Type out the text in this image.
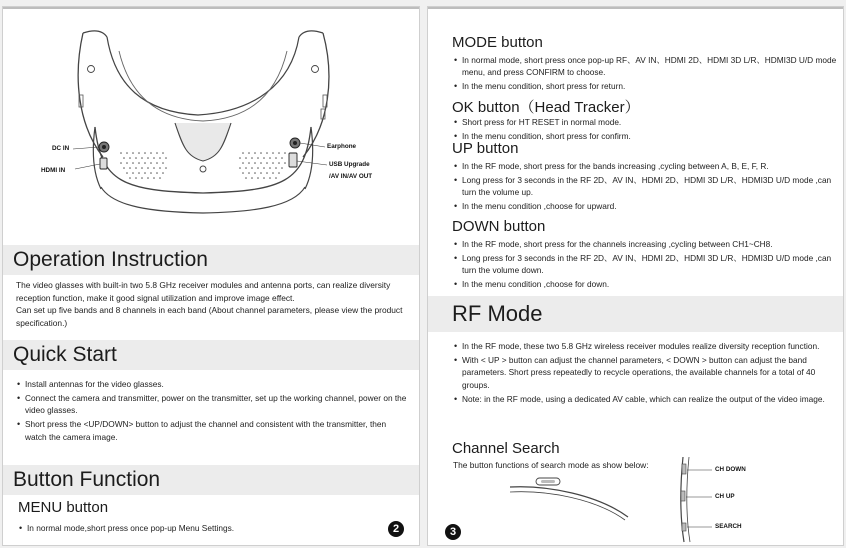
DC IN
HDMI IN
Earphone
USB Upgrade
/AV IN/AV OUT
Operation Instruction
The video glasses with built-in two 5.8 GHz receiver modules and antenna ports, can realize diversity reception function, make it good signal utilization and improve image effect.
Can set up five bands and 8 channels in each band (About channel parameters, please view the product specification.)
Quick Start
• Install antennas for the video glasses.
• Connect the camera and transmitter, power on the transmitter, set up the working channel, power on the video glasses.
• Short press the <UP/DOWN> button to adjust the channel and consistent with the transmitter, then watch the camera image.
Button Function
MENU button
• In normal mode,short press once pop-up Menu Settings.	2
MODE button
• In normal mode, short press once pop-up RF、AV IN、HDMI 2D、HDMI 3D L/R、HDMI3D U/D mode menu, and press CONFIRM to choose.
• In the menu condition, short press for return.
OK button（Head Tracker）
• Short press for HT RESET in normal mode.
• In the menu condition, short press for confirm.
UP button
• In the RF mode, short press for the bands increasing ,cycling between A, B, E, F, R.
• Long press for 3 seconds in the RF 2D、AV IN、HDMI 2D、HDMI 3D L/R、HDMI3D U/D mode ,can turn the volume up.
• In the menu condition ,choose for upward.
DOWN button
• In the RF mode, short press for the channels increasing ,cycling between CH1~CH8.
• Long press for 3 seconds in the RF 2D、AV IN、HDMI 2D、HDMI 3D L/R、HDMI3D U/D mode ,can turn the volume down.
• In the menu condition ,choose for down.
RF Mode
• In the RF mode, these two 5.8 GHz wireless receiver modules realize diversity reception function.
• With < UP > button can adjust the channel parameters, < DOWN > button can adjust the band parameters. Short press repeatedly to recycle operations, the available channels for a total of 40 groups.
• Note: in the RF mode, using a dedicated AV cable, which can realize the output of the video image.
Channel Search
The button functions of search mode as show below:	CH DOWN
CH UP
SEARCH
3
